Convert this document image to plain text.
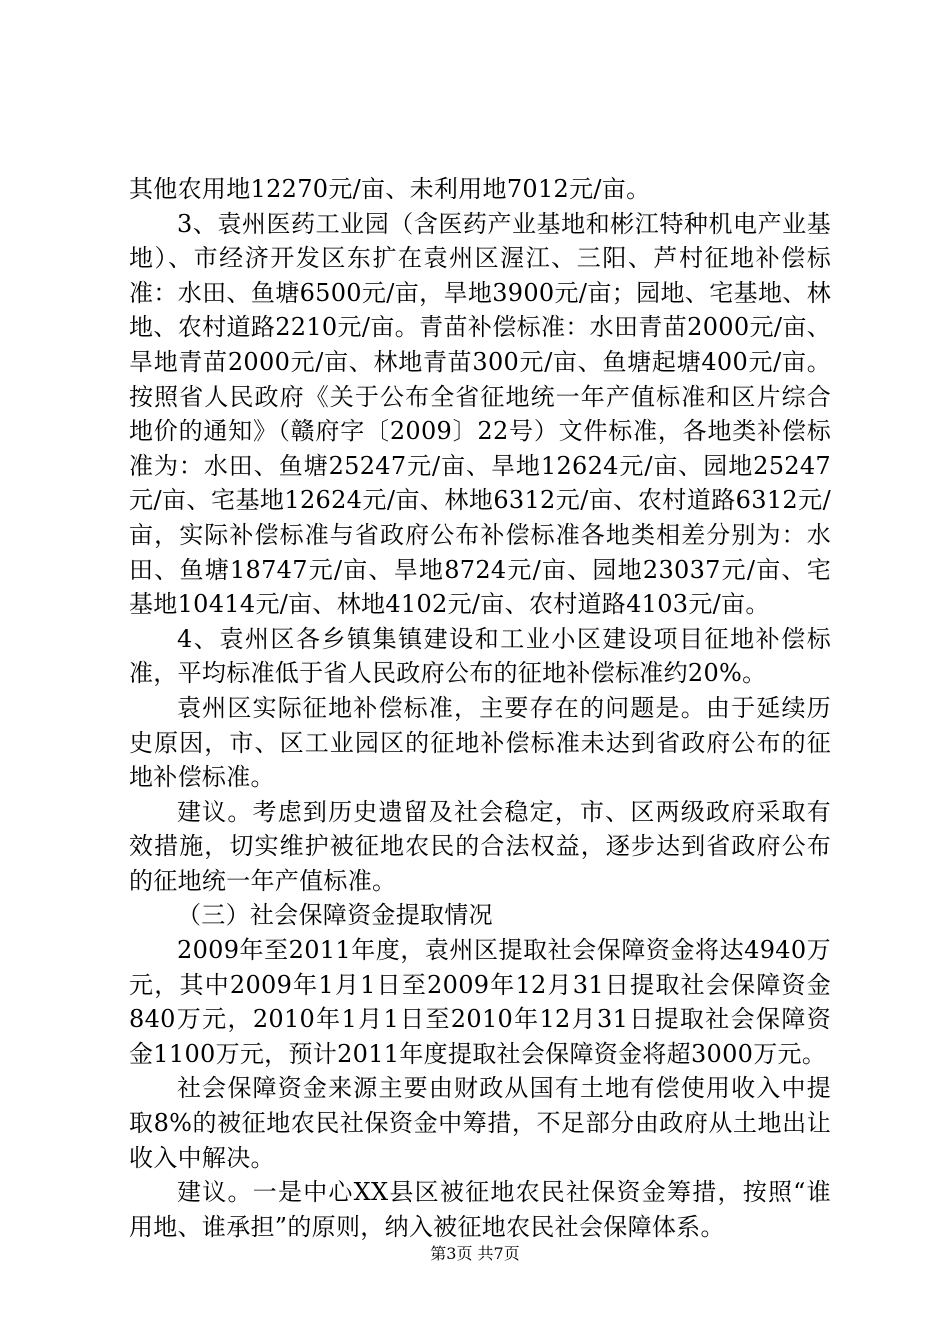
其他农用地12270元/亩、未利用地7012元/亩。

3、袁州医药工业园（含医药产业基地和彬江特种机电产业基地）、市经济开发区东扩在袁州区渥江、三阳、芦村征地补偿标准：水田、鱼塘6500元/亩，旱地3900元/亩；园地、宅基地、林地、农村道路2210元/亩。青苗补偿标准：水田青苗2000元/亩、旱地青苗2000元/亩、林地青苗300元/亩、鱼塘起塘400元/亩。按照省人民政府《关于公布全省征地统一年产值标准和区片综合地价的通知》（赣府字〔2009〕22号）文件标准，各地类补偿标准为：水田、鱼塘25247元/亩、旱地12624元/亩、园地25247元/亩、宅基地12624元/亩、林地6312元/亩、农村道路6312元/亩，实际补偿标准与省政府公布补偿标准各地类相差分别为：水田、鱼塘18747元/亩、旱地8724元/亩、园地23037元/亩、宅基地10414元/亩、林地4102元/亩、农村道路4103元/亩。

4、袁州区各乡镇集镇建设和工业小区建设项目征地补偿标准，平均标准低于省人民政府公布的征地补偿标准约20%。

袁州区实际征地补偿标准，主要存在的问题是。由于延续历史原因，市、区工业园区的征地补偿标准未达到省政府公布的征地补偿标准。

建议。考虑到历史遗留及社会稳定，市、区两级政府采取有效措施，切实维护被征地农民的合法权益，逐步达到省政府公布的征地统一年产值标准。

（三）社会保障资金提取情况

2009年至2011年度，袁州区提取社会保障资金将达4940万元，其中2009年1月1日至2009年12月31日提取社会保障资金840万元，2010年1月1日至2010年12月31日提取社会保障资金1100万元，预计2011年度提取社会保障资金将超3000万元。

社会保障资金来源主要由财政从国有土地有偿使用收入中提取8%的被征地农民社保资金中筹措，不足部分由政府从土地出让收入中解决。

建议。一是中心XX县区被征地农民社保资金筹措，按照“谁用地、谁承担”的原则，纳入被征地农民社会保障体系。

第3页 共7页
